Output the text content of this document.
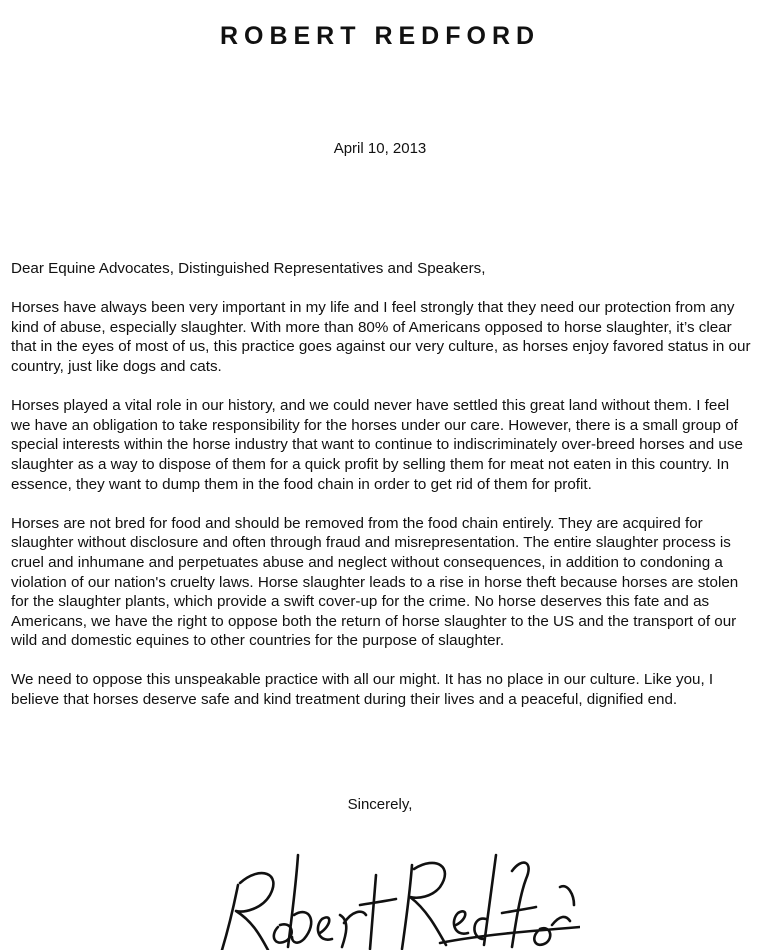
ROBERT REDFORD

April 10, 2013

Dear Equine Advocates, Distinguished Representatives and Speakers,

Horses have always been very important in my life and I feel strongly that they need our protection from any kind of abuse, especially slaughter. With more than 80% of Americans opposed to horse slaughter, it’s clear that in the eyes of most of us, this practice goes against our very culture, as horses enjoy favored status in our country, just like dogs and cats.

Horses played a vital role in our history, and we could never have settled this great land without them. I feel we have an obligation to take responsibility for the horses under our care. However, there is a small group of special interests within the horse industry that want to continue to indiscriminately over-breed horses and use slaughter as a way to dispose of them for a quick profit by selling them for meat not eaten in this country. In essence, they want to dump them in the food chain in order to get rid of them for profit.

Horses are not bred for food and should be removed from the food chain entirely. They are acquired for slaughter without disclosure and often through fraud and misrepresentation. The entire slaughter process is cruel and inhumane and perpetuates abuse and neglect without consequences, in addition to condoning a violation of our nation's cruelty laws. Horse slaughter leads to a rise in horse theft because horses are stolen for the slaughter plants, which provide a swift cover-up for the crime. No horse deserves this fate and as Americans, we have the right to oppose both the return of horse slaughter to the US and the transport of our wild and domestic equines to other countries for the purpose of slaughter.

We need to oppose this unspeakable practice with all our might. It has no place in our culture. Like you, I believe that horses deserve safe and kind treatment during their lives and a peaceful, dignified end.

Sincerely,
